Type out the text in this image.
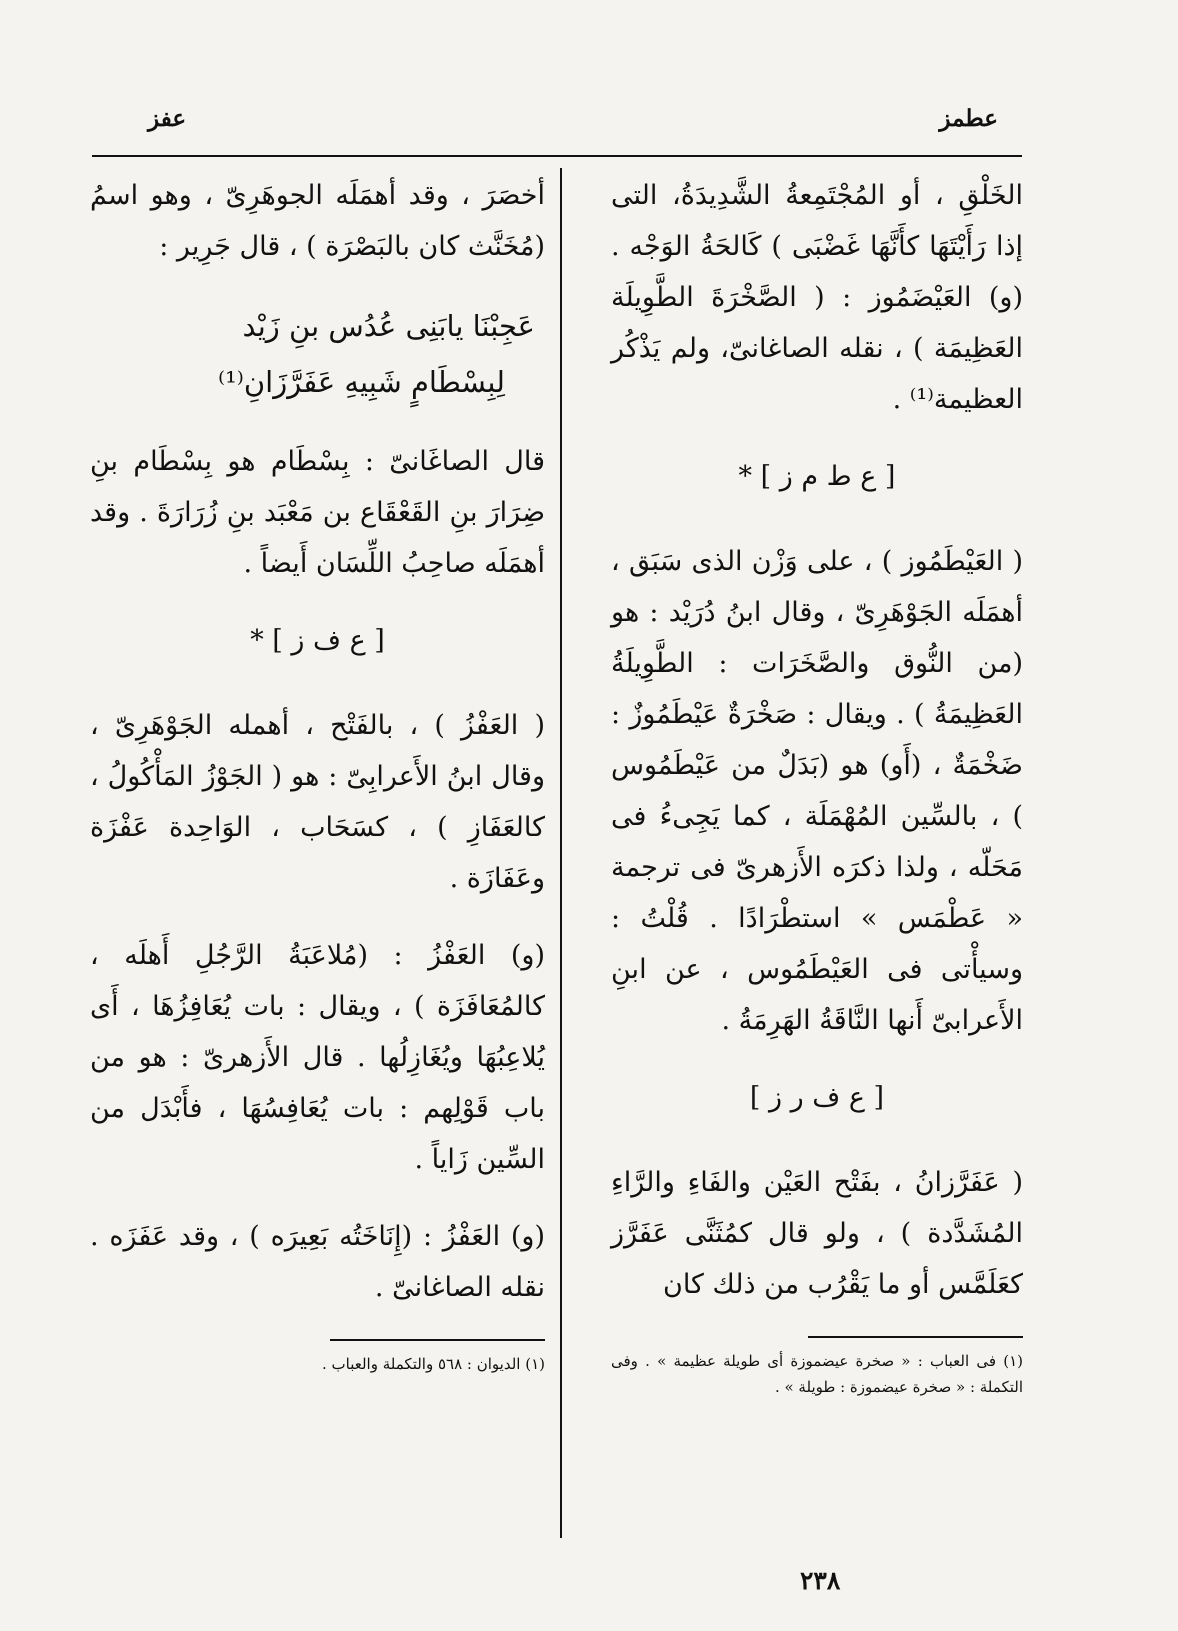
عطمز
عفز

الخَلْقِ ، أو المُجْتَمِعةُ الشَّدِيدَةُ، التى إذا رَأَيْتَهَا كأَنَّهَا غَضْبَى ) كَالحَةُ الوَجْه . (و) العَيْضَمُوز : ( الصَّخْرَةَ الطَّوِيلَة العَظِيمَة ) ، نقله الصاغانىّ، ولم يَذْكُر العظيمة⁽¹⁾ .

[ ع ط م ز ] *

( العَيْطَمُوز ) ، على وَزْن الذى سَبَق ، أهمَلَه الجَوْهَرِىّ ، وقال ابنُ دُرَيْد : هو (من النُّوق والصَّخَرَات : الطَّوِيلَةُ العَظِيمَةُ ) . ويقال : صَخْرَةٌ عَيْطَمُوزٌ : ضَخْمَةٌ ، (أَو) هو (بَدَلٌ من عَيْطَمُوس ) ، بالسِّين المُهْمَلَة ، كما يَجِىءُ فى مَحَلّه ، ولذا ذكرَه الأَزهرىّ فى ترجمة « عَطْمَس » استطْرَادًا . قُلْتُ : وسيأْتى فى العَيْطَمُوس ، عن ابنِ الأَعرابىّ أَنها النَّاقَةُ الهَرِمَةُ .

[ ع ف ر ز ]

( عَفَرَّزانُ ، بفَتْح العَيْن والفَاءِ والرَّاءِ المُشَدَّدة ) ، ولو قال كمُثَنَّى عَفَرَّز كعَلَمَّس أو ما يَقْرُب من ذلك كان

(١) فى العباب : « صخرة عيضموزة أى طويلة عظيمة » . وفى التكملة : « صخرة عيضموزة : طويلة » .

أخصَرَ ، وقد أهمَلَه الجوهَرِىّ ، وهو اسمُ (مُخَنَّث كان بالبَصْرَة ) ، قال جَرِير :

عَجِبْنَا يابَنِى عُدُس بنِ زَيْد
لِبِسْطَامٍ شَبِيهِ عَفَرَّزَانِ⁽¹⁾

قال الصاغَانىّ : بِسْطَام هو بِسْطَام بنِ ضِرَارَ بنِ القَعْقَاع بن مَعْبَد بنِ زُرَارَةَ . وقد أهمَلَه صاحِبُ اللِّسَان أَيضاً .

[ ع ف ز ] *

( العَفْزُ ) ، بالفَتْح ، أهمله الجَوْهَرِىّ ، وقال ابنُ الأَعرابِىّ : هو ( الجَوْزُ المَأْكُولُ ، كالعَفَازِ ) ، كسَحَاب ، الوَاحِدة عَفْزَة وعَفَازَة .

(و) العَفْزُ : (مُلاعَبَةُ الرَّجُلِ أَهلَه ، كالمُعَافَزَة ) ، ويقال : بات يُعَافِزُهَا ، أَى يُلاعِبُهَا ويُغَازِلُها . قال الأَزهرىّ : هو من باب قَوْلِهم : بات يُعَافِسُهَا ، فأَبْدَل من السِّين زَاياً .

(و) العَفْزُ : (إِنَاخَتُه بَعِيرَه ) ، وقد عَفَزَه . نقله الصاغانىّ .

(١) الديوان : ٥٦٨ والتكملة والعباب .
٢٣٨
